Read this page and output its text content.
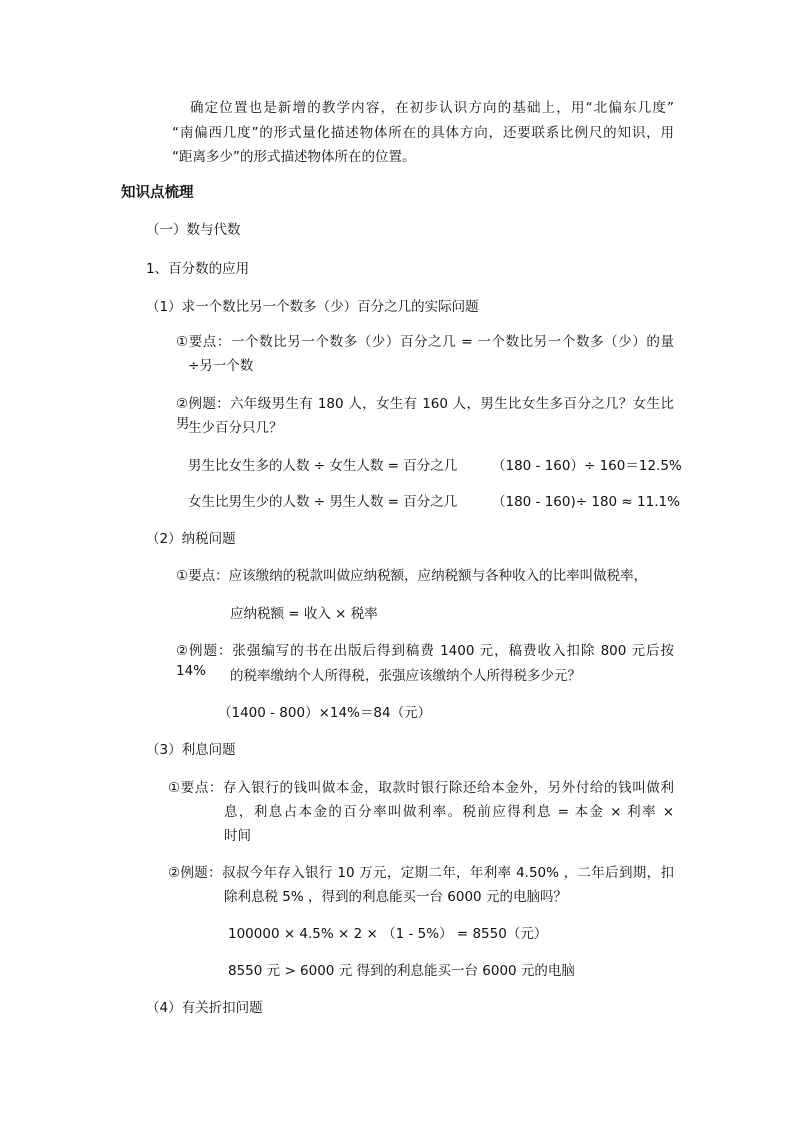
确定位置也是新增的教学内容，在初步认识方向的基础上，用“北偏东几度”
“南偏西几度”的形式量化描述物体所在的具体方向，还要联系比例尺的知识，用
“距离多少”的形式描述物体所在的位置。
知识点梳理
（一）数与代数
1、百分数的应用
（1）求一个数比另一个数多（少）百分之几的实际问题
①要点：一个数比另一个数多（少）百分之几 = 一个数比另一个数多（少）的量
÷另一个数
②例题：六年级男生有 180 人，女生有 160 人，男生比女生多百分之几？女生比男
生少百分只几？
男生比女生多的人数 ÷ 女生人数 = 百分之几	（180 - 160）÷ 160＝12.5%
女生比男生少的人数 ÷ 男生人数 = 百分之几	（180 - 160)÷ 180 ≈ 11.1%
（2）纳税问题
①要点：应该缴纳的税款叫做应纳税额，应纳税额与各种收入的比率叫做税率，
应纳税额 = 收入 × 税率
②例题：张强编写的书在出版后得到稿费 1400 元，稿费收入扣除 800 元后按 14%	的税率缴纳个人所得税，张强应该缴纳个人所得税多少元？
（1400 - 800）×14%＝84（元）
（3）利息问题
①要点：存入银行的钱叫做本金，取款时银行除还给本金外，另外付给的钱叫做利
息，利息占本金的百分率叫做利率。税前应得利息 = 本金 × 利率 ×
时间
②例题：叔叔今年存入银行 10 万元，定期二年，年利率 4.50% ，二年后到期，扣
除利息税 5% ，得到的利息能买一台 6000 元的电脑吗？
100000 × 4.5% × 2 × （1 - 5%） = 8550（元）
8550 元 > 6000 元 得到的利息能买一台 6000 元的电脑
（4）有关折扣问题
